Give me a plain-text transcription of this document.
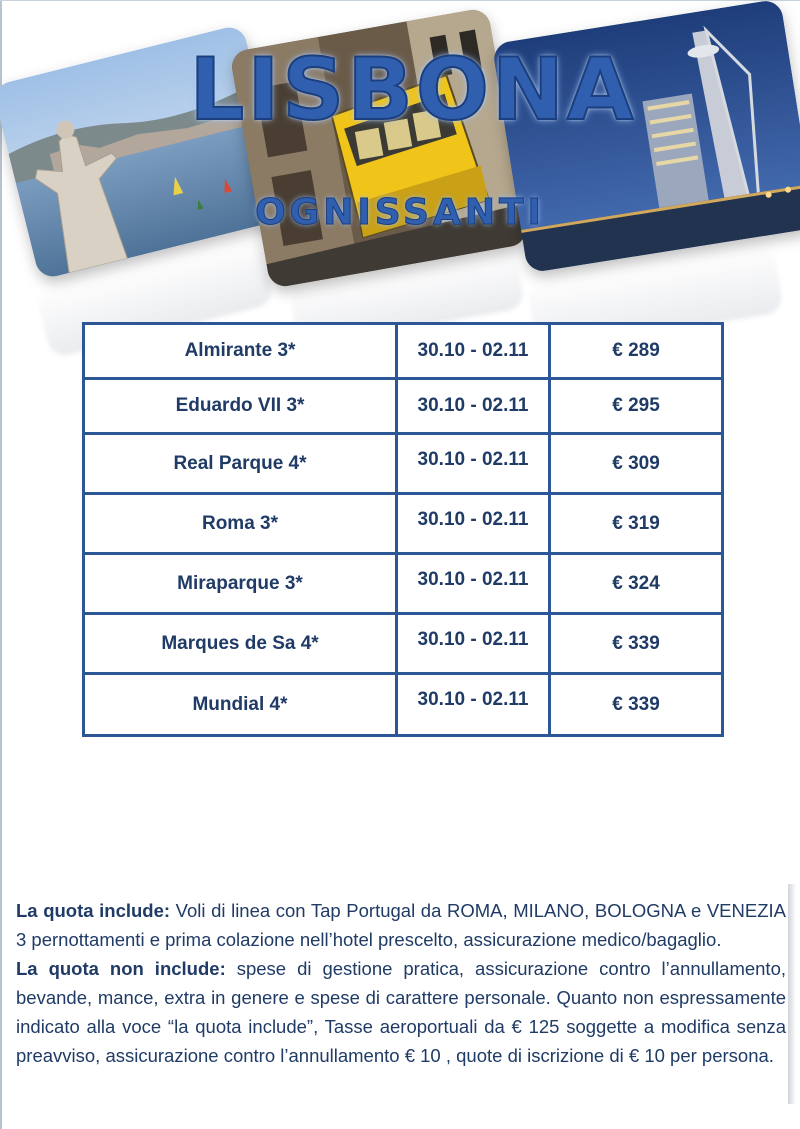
LISBONA
OGNISSANTI
Almirante 3*	30.10 - 02.11	€ 289
Eduardo VII 3*	30.10 - 02.11	€ 295
Real Parque 4*	30.10 - 02.11	€ 309
Roma 3*	30.10 - 02.11	€ 319
Miraparque 3*	30.10 - 02.11	€ 324
Marques de Sa 4*	30.10 - 02.11	€ 339
Mundial 4*	30.10 - 02.11	€ 339

La quota include: Voli di linea con Tap Portugal da ROMA, MILANO, BOLOGNA e VENEZIA 3 pernottamenti e prima colazione nell’hotel prescelto, assicurazione medico/bagaglio.

La quota non include: spese di gestione pratica, assicurazione contro l’annullamento, bevande, mance, extra in genere e spese di carattere personale. Quanto non espressamente indicato alla voce “la quota include”, Tasse aeroportuali da € 125 soggette a modifica senza preavviso, assicurazione contro l’annullamento € 10 , quote di iscrizione di € 10 per persona.
